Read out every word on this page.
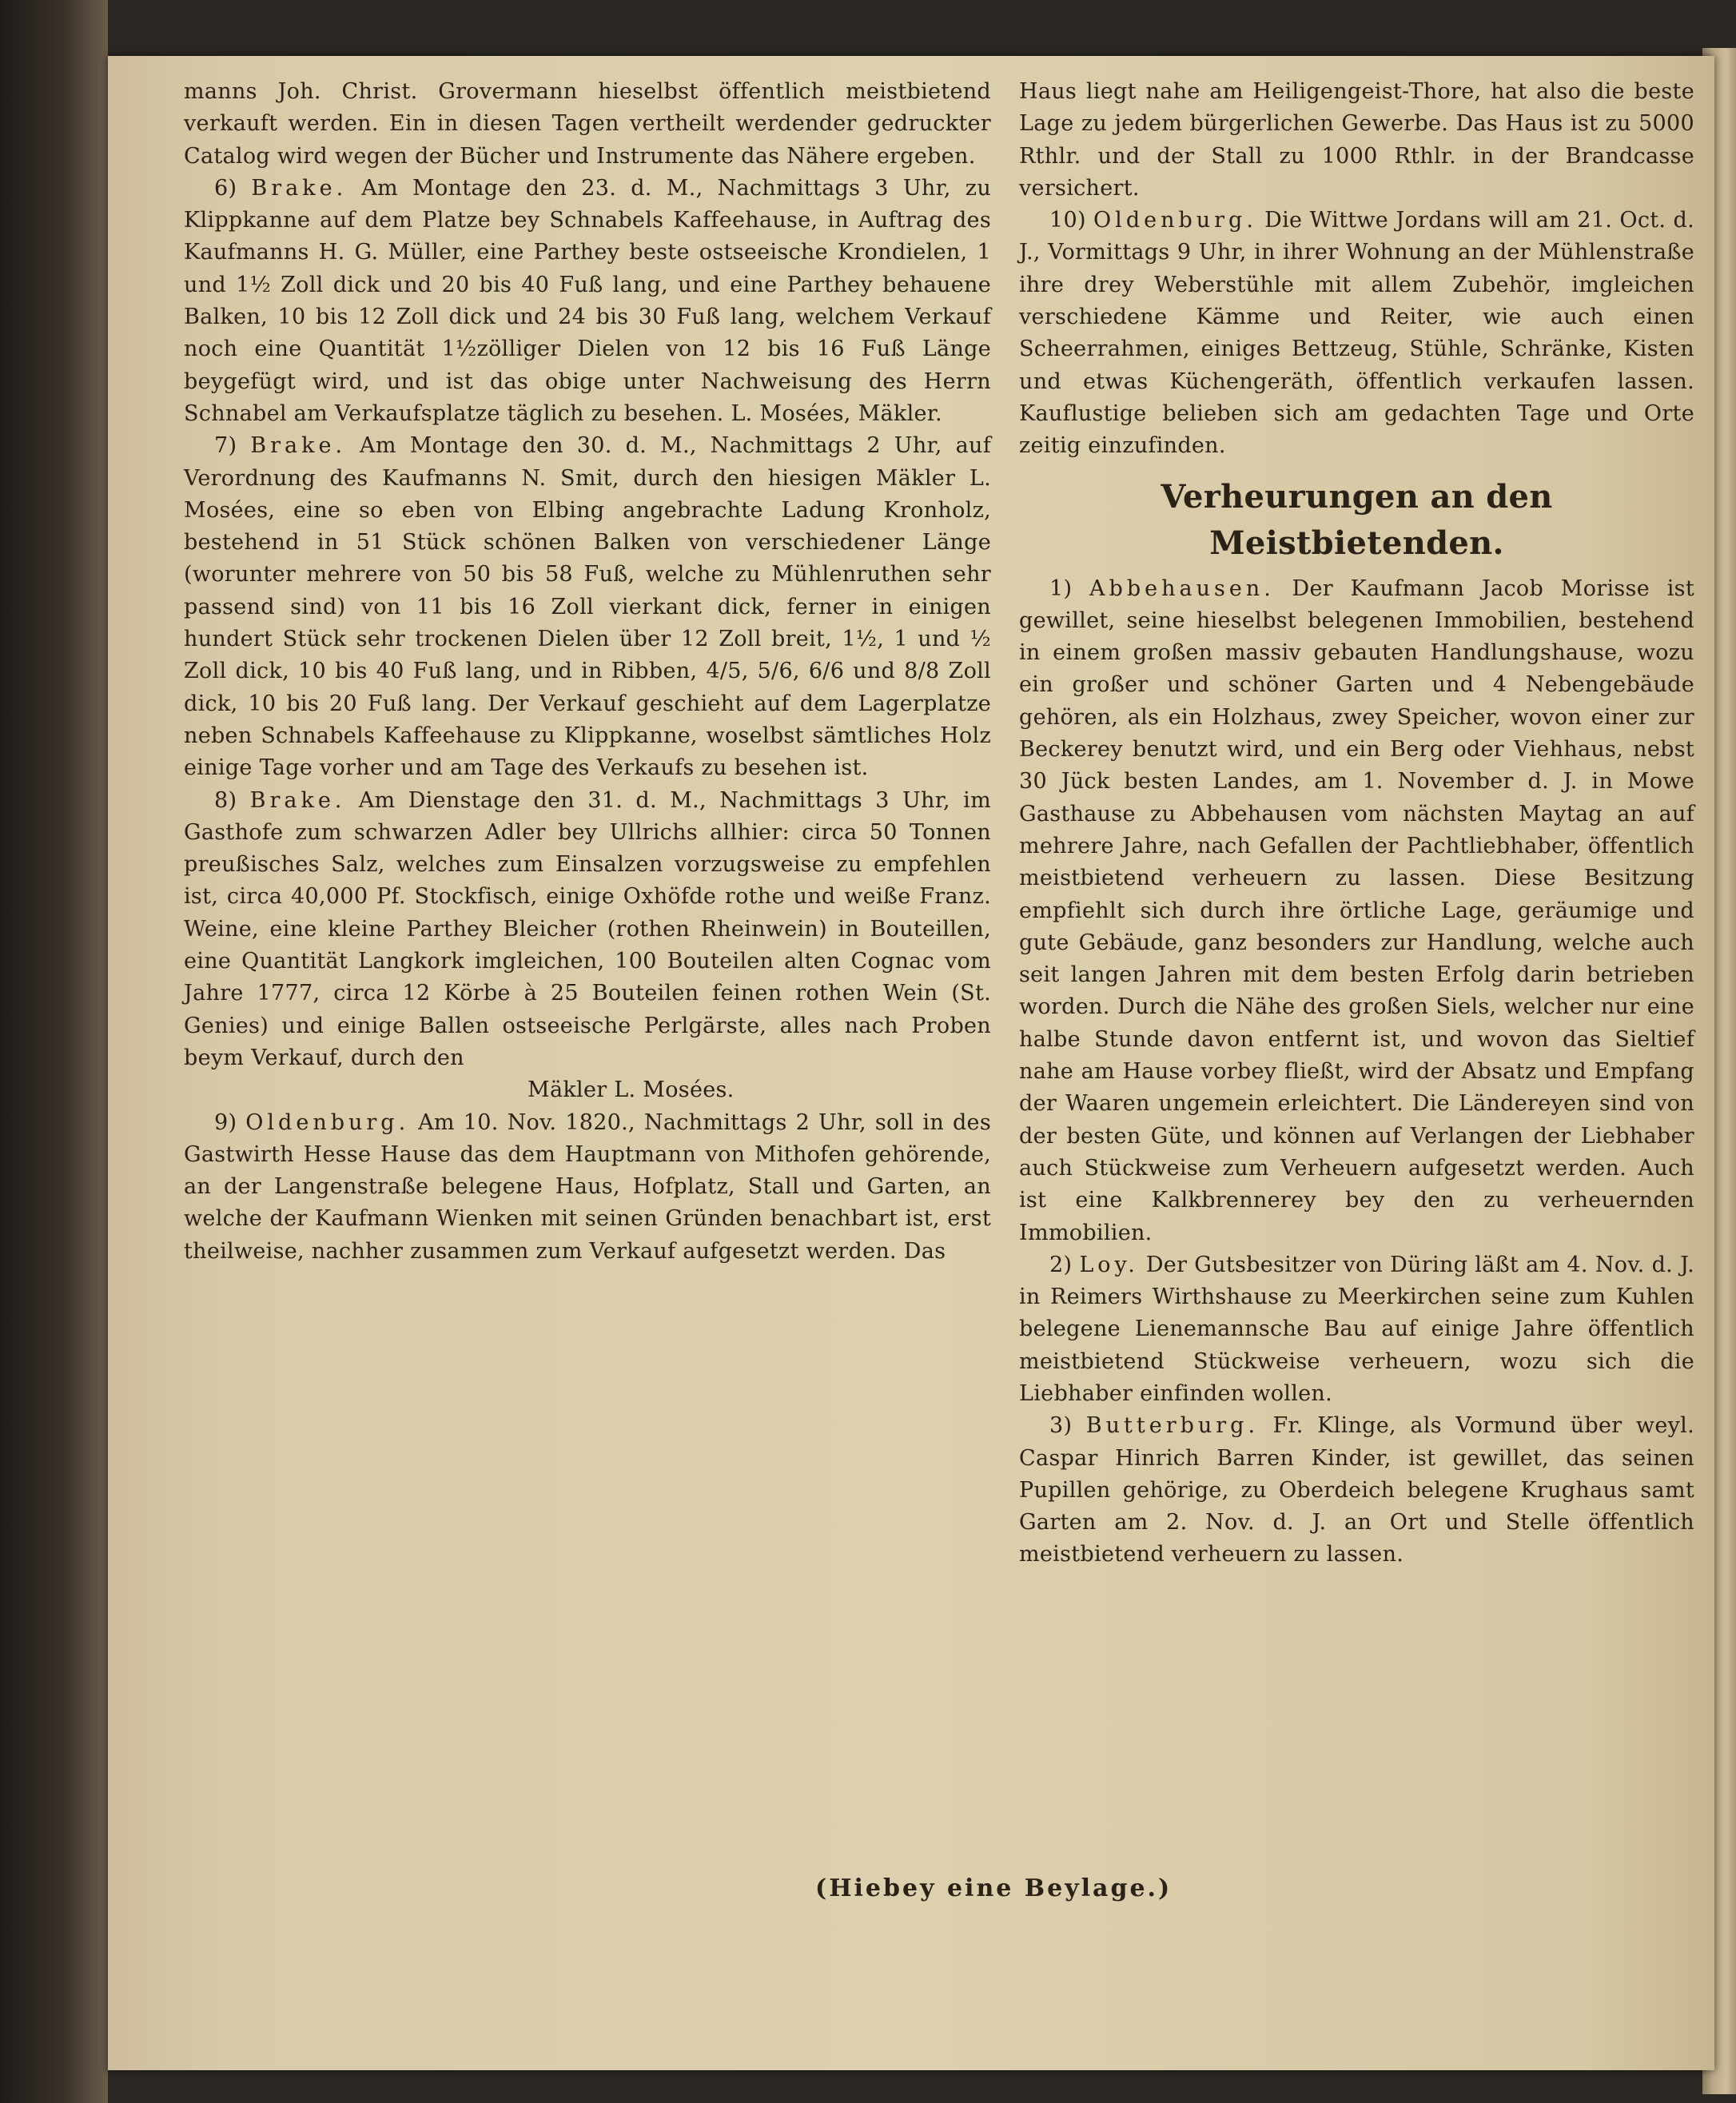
manns Joh. Christ. Grovermann hieselbst öffentlich meistbietend verkauft werden. Ein in diesen Tagen vertheilt werdender gedruckter Catalog wird wegen der Bücher und Instrumente das Nähere ergeben.

6) Brake. Am Montage den 23. d. M., Nachmittags 3 Uhr, zu Klippkanne auf dem Platze bey Schnabels Kaffeehause, in Auftrag des Kaufmanns H. G. Müller, eine Parthey beste ostseeische Krondielen, 1 und 1½ Zoll dick und 20 bis 40 Fuß lang, und eine Parthey behauene Balken, 10 bis 12 Zoll dick und 24 bis 30 Fuß lang, welchem Verkauf noch eine Quantität 1½zölliger Dielen von 12 bis 16 Fuß Länge beygefügt wird, und ist das obige unter Nachweisung des Herrn Schnabel am Verkaufsplatze täglich zu besehen. L. Mosées, Mäkler.

7) Brake. Am Montage den 30. d. M., Nachmittags 2 Uhr, auf Verordnung des Kaufmanns N. Smit, durch den hiesigen Mäkler L. Mosées, eine so eben von Elbing angebrachte Ladung Kronholz, bestehend in 51 Stück schönen Balken von verschiedener Länge (worunter mehrere von 50 bis 58 Fuß, welche zu Mühlenruthen sehr passend sind) von 11 bis 16 Zoll vierkant dick, ferner in einigen hundert Stück sehr trockenen Dielen über 12 Zoll breit, 1½, 1 und ½ Zoll dick, 10 bis 40 Fuß lang, und in Ribben, 4/5, 5/6, 6/6 und 8/8 Zoll dick, 10 bis 20 Fuß lang. Der Verkauf geschieht auf dem Lagerplatze neben Schnabels Kaffeehause zu Klippkanne, woselbst sämtliches Holz einige Tage vorher und am Tage des Verkaufs zu besehen ist.

8) Brake. Am Dienstage den 31. d. M., Nachmittags 3 Uhr, im Gasthofe zum schwarzen Adler bey Ullrichs allhier: circa 50 Tonnen preußisches Salz, welches zum Einsalzen vorzugsweise zu empfehlen ist, circa 40,000 Pf. Stockfisch, einige Oxhöfde rothe und weiße Franz. Weine, eine kleine Parthey Bleicher (rothen Rheinwein) in Bouteillen, eine Quantität Langkork imgleichen, 100 Bouteilen alten Cognac vom Jahre 1777, circa 12 Körbe à 25 Bouteilen feinen rothen Wein (St. Genies) und einige Ballen ostseeische Perlgärste, alles nach Proben beym Verkauf, durch den

Mäkler L. Mosées.

9) Oldenburg. Am 10. Nov. 1820., Nachmittags 2 Uhr, soll in des Gastwirth Hesse Hause das dem Hauptmann von Mithofen gehörende, an der Langenstraße belegene Haus, Hofplatz, Stall und Garten, an welche der Kaufmann Wienken mit seinen Gründen benachbart ist, erst theilweise, nachher zusammen zum Verkauf aufgesetzt werden. Das

Haus liegt nahe am Heiligengeist-Thore, hat also die beste Lage zu jedem bürgerlichen Gewerbe. Das Haus ist zu 5000 Rthlr. und der Stall zu 1000 Rthlr. in der Brandcasse versichert.

10) Oldenburg. Die Wittwe Jordans will am 21. Oct. d. J., Vormittags 9 Uhr, in ihrer Wohnung an der Mühlenstraße ihre drey Weberstühle mit allem Zubehör, imgleichen verschiedene Kämme und Reiter, wie auch einen Scheerrahmen, einiges Bettzeug, Stühle, Schränke, Kisten und etwas Küchengeräth, öffentlich verkaufen lassen. Kauflustige belieben sich am gedachten Tage und Orte zeitig einzufinden.

Verheurungen an den Meistbietenden.

1) Abbehausen. Der Kaufmann Jacob Morisse ist gewillet, seine hieselbst belegenen Immobilien, bestehend in einem großen massiv gebauten Handlungshause, wozu ein großer und schöner Garten und 4 Nebengebäude gehören, als ein Holzhaus, zwey Speicher, wovon einer zur Beckerey benutzt wird, und ein Berg oder Viehhaus, nebst 30 Jück besten Landes, am 1. November d. J. in Mowe Gasthause zu Abbehausen vom nächsten Maytag an auf mehrere Jahre, nach Gefallen der Pachtliebhaber, öffentlich meistbietend verheuern zu lassen. Diese Besitzung empfiehlt sich durch ihre örtliche Lage, geräumige und gute Gebäude, ganz besonders zur Handlung, welche auch seit langen Jahren mit dem besten Erfolg darin betrieben worden. Durch die Nähe des großen Siels, welcher nur eine halbe Stunde davon entfernt ist, und wovon das Sieltief nahe am Hause vorbey fließt, wird der Absatz und Empfang der Waaren ungemein erleichtert. Die Ländereyen sind von der besten Güte, und können auf Verlangen der Liebhaber auch Stückweise zum Verheuern aufgesetzt werden. Auch ist eine Kalkbrennerey bey den zu verheuernden Immobilien.

2) Loy. Der Gutsbesitzer von Düring läßt am 4. Nov. d. J. in Reimers Wirthshause zu Meerkirchen seine zum Kuhlen belegene Lienemannsche Bau auf einige Jahre öffentlich meistbietend Stückweise verheuern, wozu sich die Liebhaber einfinden wollen.

3) Butterburg. Fr. Klinge, als Vormund über weyl. Caspar Hinrich Barren Kinder, ist gewillet, das seinen Pupillen gehörige, zu Oberdeich belegene Krughaus samt Garten am 2. Nov. d. J. an Ort und Stelle öffentlich meistbietend verheuern zu lassen.

(Hiebey eine Beylage.)
